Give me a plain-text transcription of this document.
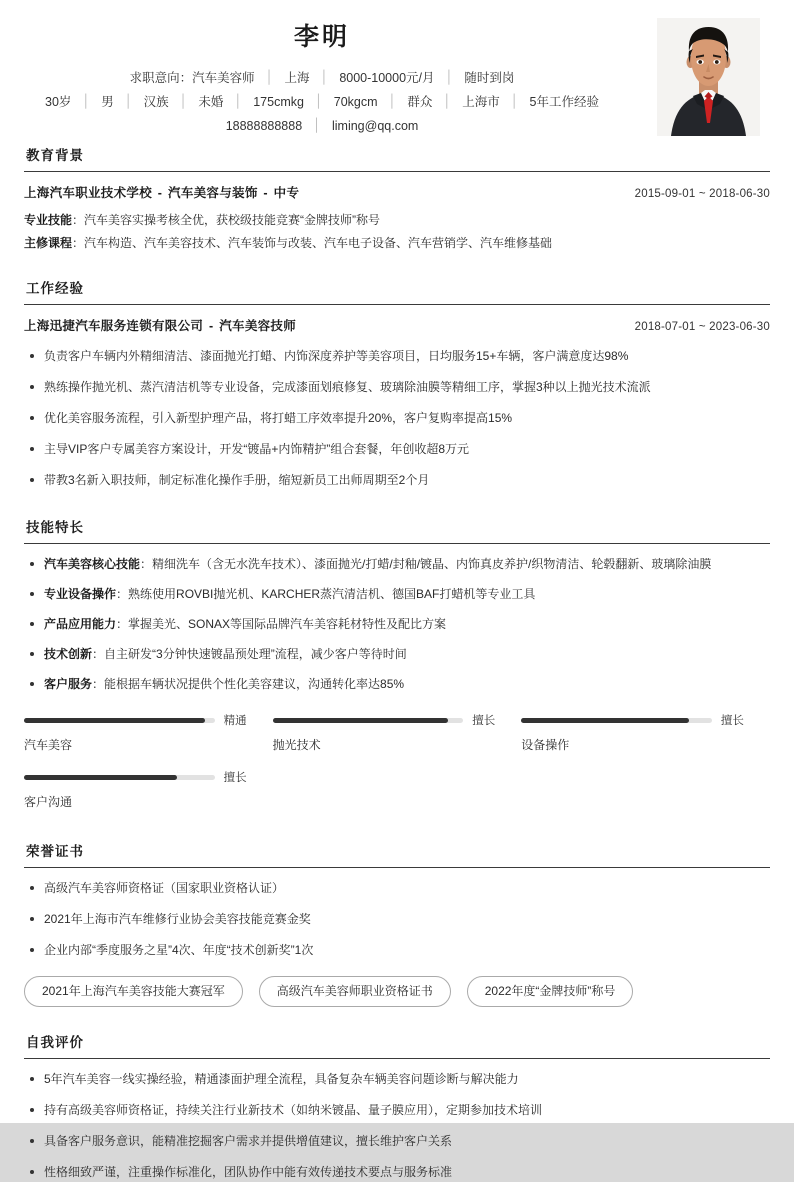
李明
求职意向：汽车美容师 │ 上海 │ 8000-10000元/月 │ 随时到岗
30岁 │ 男 │ 汉族 │ 未婚 │ 175cmkg │ 70kgcm │ 群众 │ 上海市 │ 5年工作经验
18888888888 │ liming@qq.com
教育背景
上海汽车职业技术学校 - 汽车美容与装饰 - 中专	2015-09-01 ~ 2018-06-30
专业技能：汽车美容实操考核全优，获校级技能竞赛“金牌技师”称号
主修课程：汽车构造、汽车美容技术、汽车装饰与改装、汽车电子设备、汽车营销学、汽车维修基础
工作经验
上海迅捷汽车服务连锁有限公司 - 汽车美容技师	2018-07-01 ~ 2023-06-30
负责客户车辆内外精细清洁、漆面抛光打蜡、内饰深度养护等美容项目，日均服务15+车辆，客户满意度达98%
熟练操作抛光机、蒸汽清洁机等专业设备，完成漆面划痕修复、玻璃除油膜等精细工序，掌握3种以上抛光技术流派
优化美容服务流程，引入新型护理产品，将打蜡工序效率提升20%，客户复购率提高15%
主导VIP客户专属美容方案设计，开发“镀晶+内饰精护”组合套餐，年创收超8万元
带教3名新入职技师，制定标准化操作手册，缩短新员工出师周期至2个月
技能特长
汽车美容核心技能：精细洗车（含无水洗车技术）、漆面抛光/打蜡/封釉/镀晶、内饰真皮养护/织物清洁、轮毂翻新、玻璃除油膜
专业设备操作：熟练使用ROVBI抛光机、KARCHER蒸汽清洁机、德国BAF打蜡机等专业工具
产品应用能力：掌握美光、SONAX等国际品牌汽车美容耗材特性及配比方案
技术创新：自主研发“3分钟快速镀晶预处理”流程，减少客户等待时间
客户服务：能根据车辆状况提供个性化美容建议，沟通转化率达85%
精通
汽车美容
擅长
抛光技术
擅长
设备操作
擅长
客户沟通
荣誉证书
高级汽车美容师资格证（国家职业资格认证）
2021年上海市汽车维修行业协会美容技能竞赛金奖
企业内部“季度服务之星”4次、年度“技术创新奖”1次
2021年上海汽车美容技能大赛冠军	高级汽车美容师职业资格证书	2022年度“金牌技师”称号
自我评价
5年汽车美容一线实操经验，精通漆面护理全流程，具备复杂车辆美容问题诊断与解决能力
持有高级美容师资格证，持续关注行业新技术（如纳米镀晶、量子膜应用），定期参加技术培训
具备客户服务意识，能精准挖掘客户需求并提供增值建议，擅长维护客户关系
性格细致严谨，注重操作标准化，团队协作中能有效传递技术要点与服务标准
